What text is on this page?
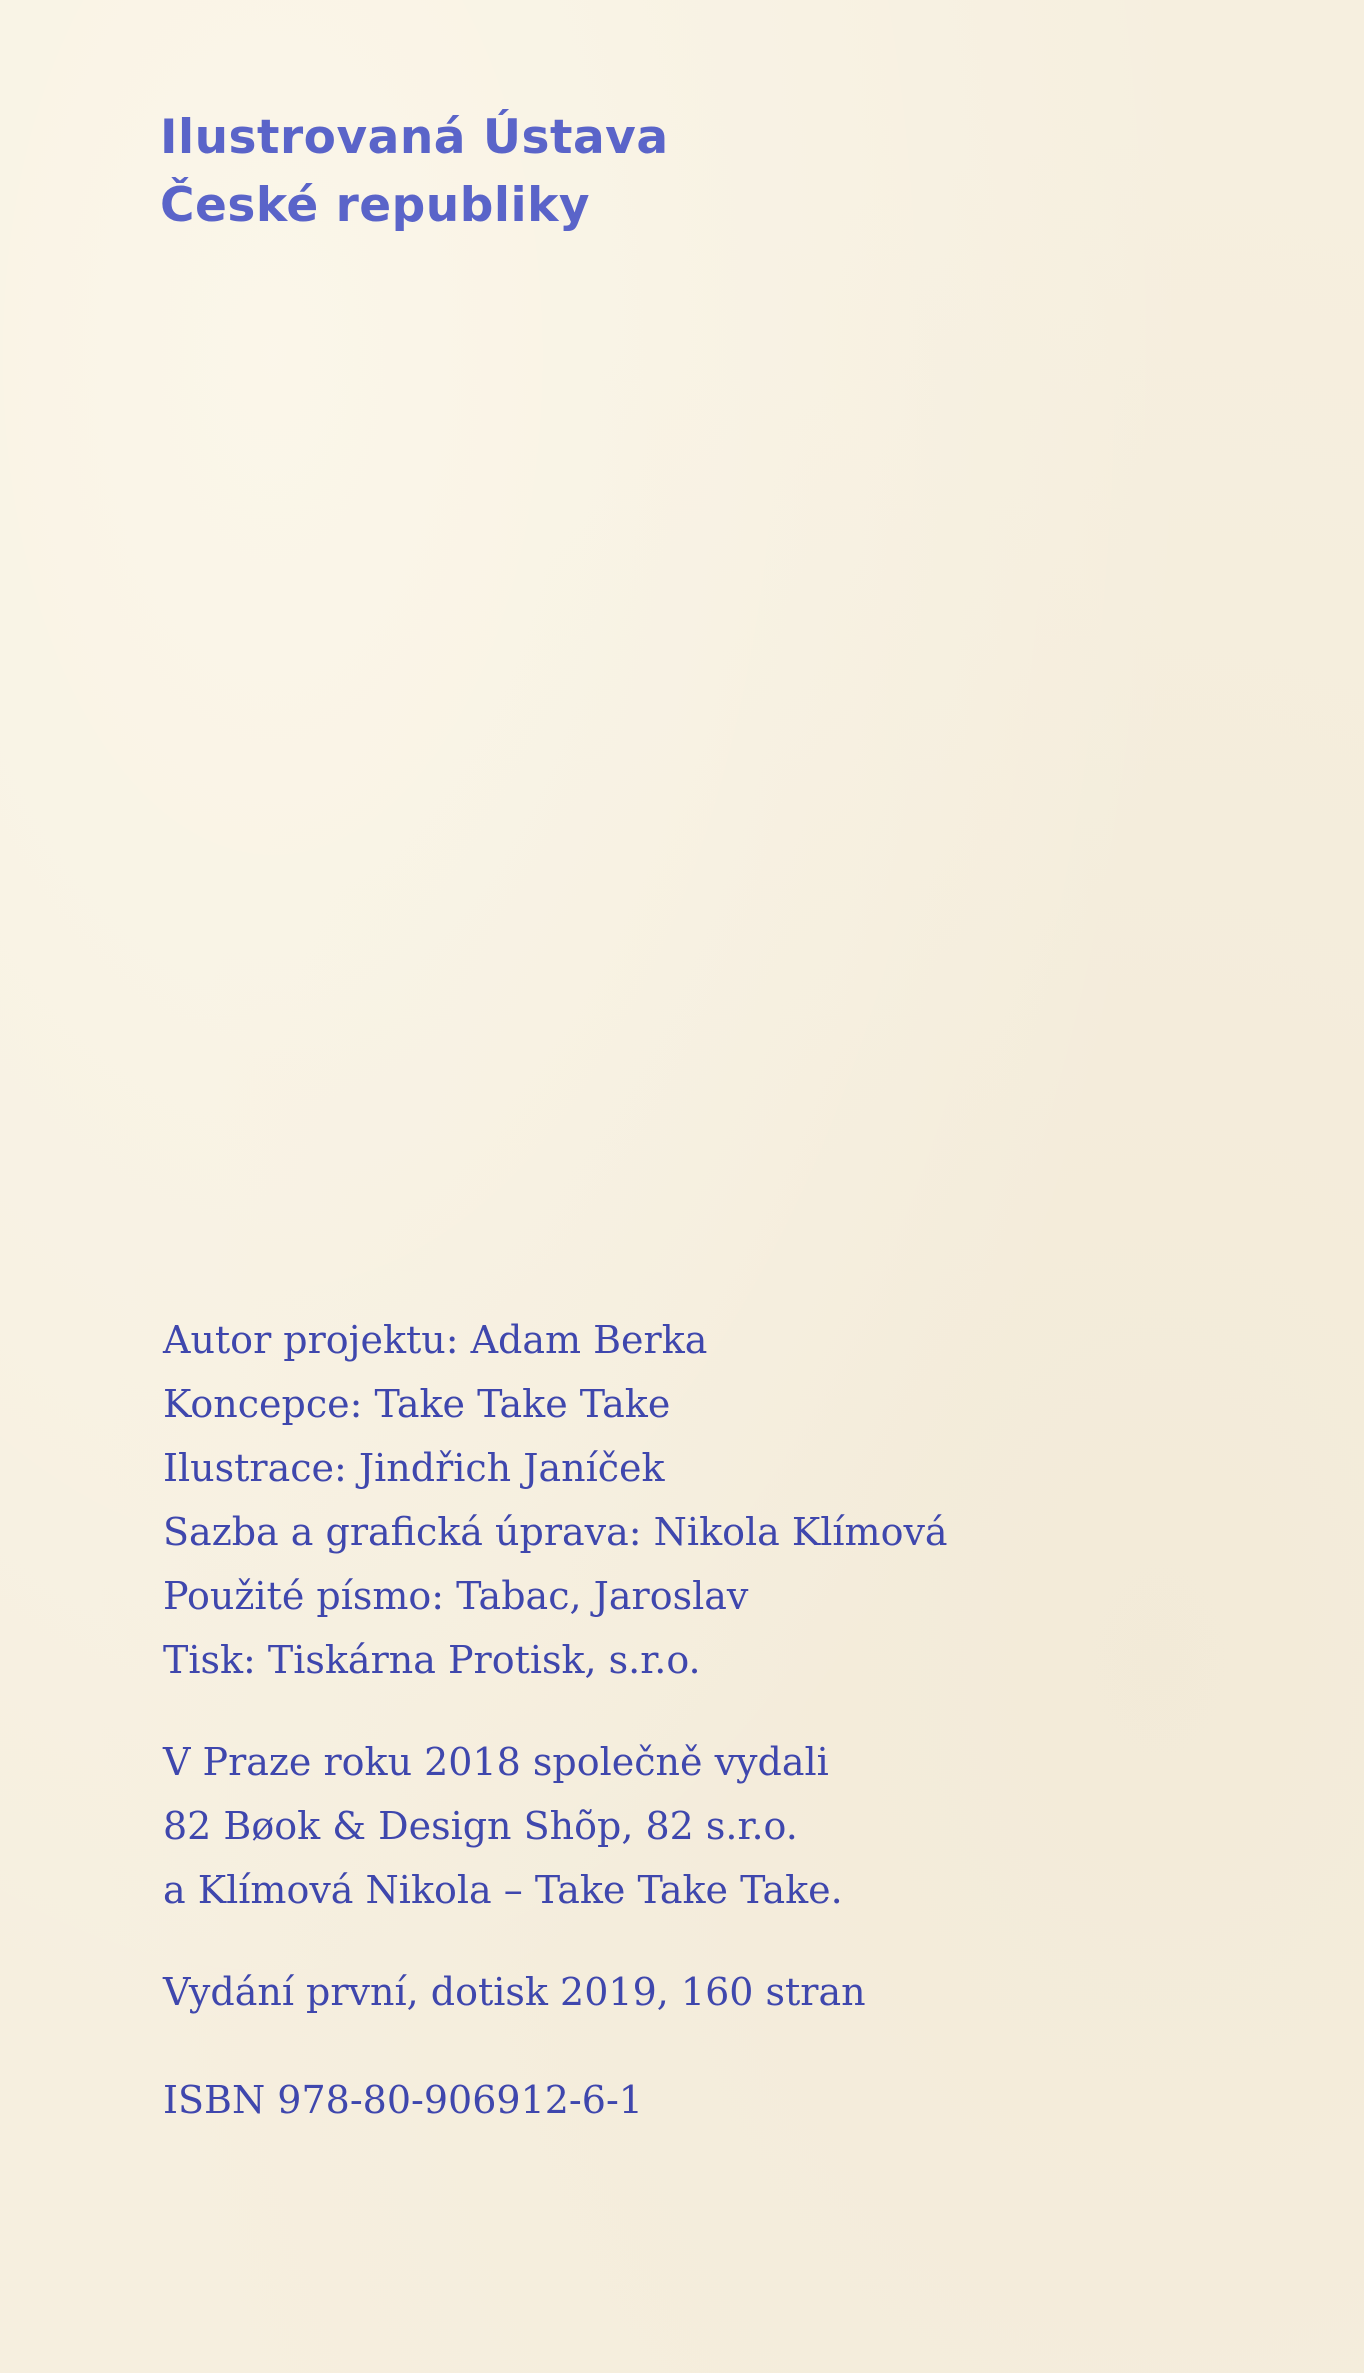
Ilustrovaná Ústava
České republiky
Autor projektu: Adam Berka
Koncepce: Take Take Take
Ilustrace: Jindřich Janíček
Sazba a grafická úprava: Nikola Klímová
Použité písmo: Tabac, Jaroslav
Tisk: Tiskárna Protisk, s.r.o.
V Praze roku 2018 společně vydali
82 Bøok & Design Shõp, 82 s.r.o.
a Klímová Nikola – Take Take Take.
Vydání první, dotisk 2019, 160 stran
ISBN 978-80-906912-6-1
